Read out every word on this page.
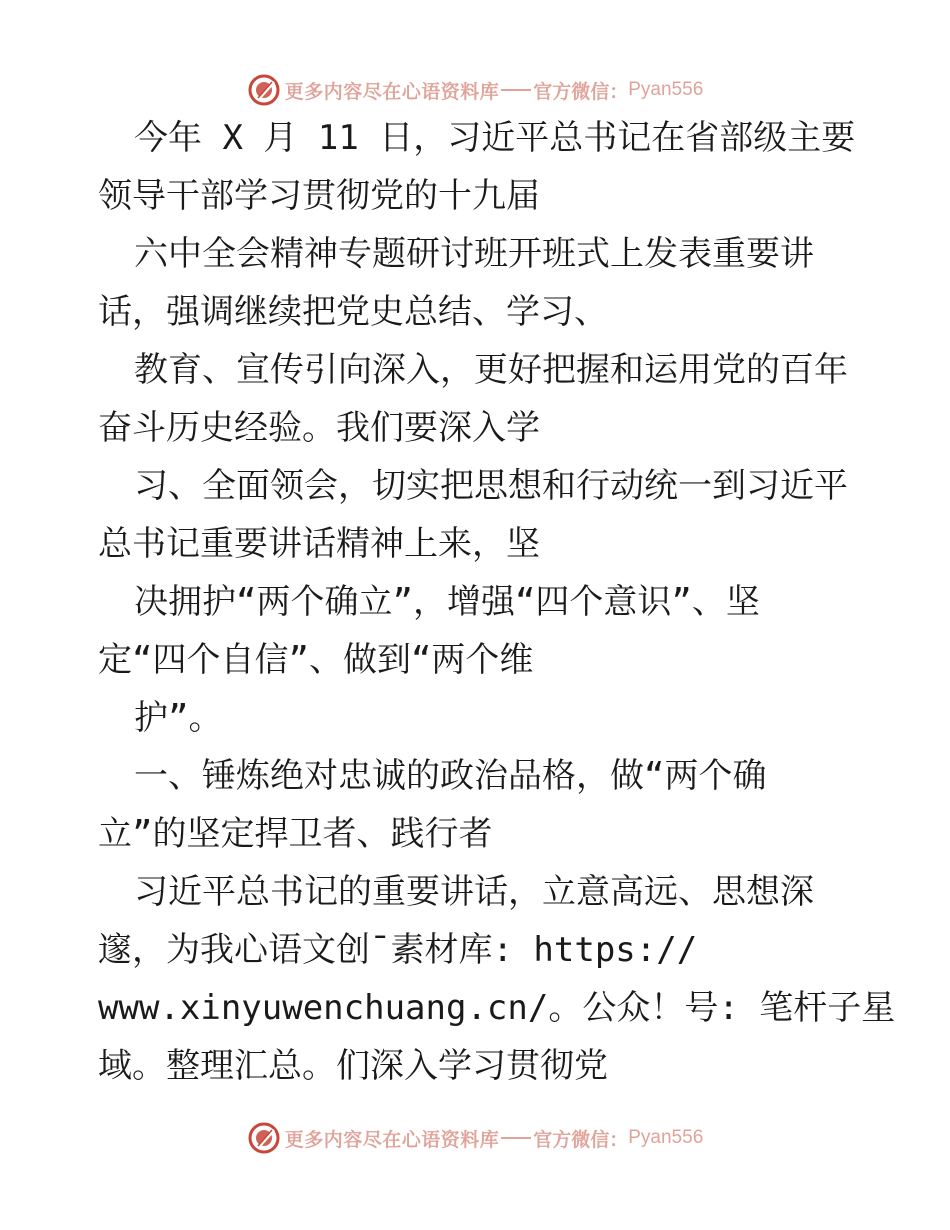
更多内容尽在心语资料库 官方微信： Pyan556
今年 X 月 11 日，习近平总书记在省部级主要
领导干部学习贯彻党的十九届
六中全会精神专题研讨班开班式上发表重要讲
话，强调继续把党史总结、学习、
教育、宣传引向深入，更好把握和运用党的百年
奋斗历史经验。我们要深入学
习、全面领会，切实把思想和行动统一到习近平
总书记重要讲话精神上来，坚
决拥护“两个确立”，增强“四个意识”、坚
定“四个自信”、做到“两个维
护”。
一、锤炼绝对忠诚的政治品格，做“两个确
立”的坚定捍卫者、践行者
习近平总书记的重要讲话，立意高远、思想深
邃，为我心语文创¯素材库: https://
www.xinyuwenchuang.cn/。公众！号: 笔杆子星
域。整理汇总。们深入学习贯彻党
更多内容尽在心语资料库 官方微信： Pyan556
